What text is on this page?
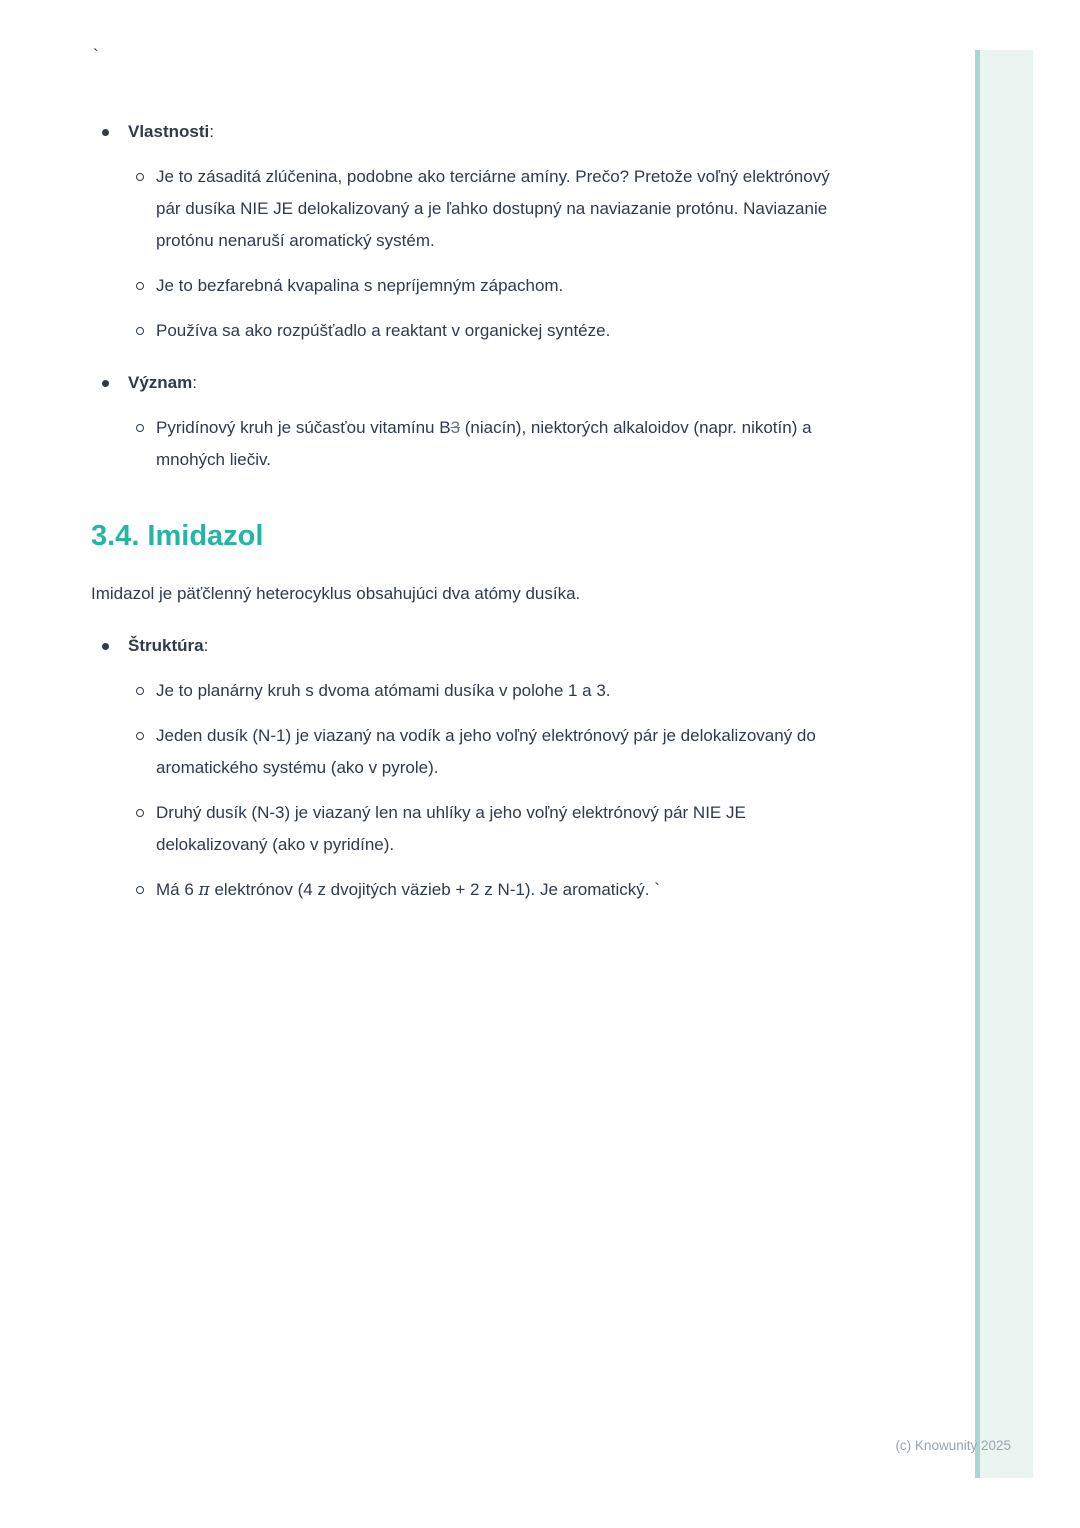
`

Vlastnosti:

Je to zásaditá zlúčenina, podobne ako terciárne amíny. Prečo? Pretože voľný elektrónový pár dusíka NIE JE delokalizovaný a je ľahko dostupný na naviazanie protónu. Naviazanie protónu nenaruší aromatický systém.

Je to bezfarebná kvapalina s nepríjemným zápachom.

Používa sa ako rozpúšťadlo a reaktant v organickej syntéze.

Význam:

Pyridínový kruh je súčasťou vitamínu B3 (niacín), niektorých alkaloidov (napr. nikotín) a mnohých liečiv.

3.4. Imidazol

Imidazol je päťčlenný heterocyklus obsahujúci dva atómy dusíka.

Štruktúra:

Je to planárny kruh s dvoma atómami dusíka v polohe 1 a 3.

Jeden dusík (N-1) je viazaný na vodík a jeho voľný elektrónový pár je delokalizovaný do aromatického systému (ako v pyrole).

Druhý dusík (N-3) je viazaný len na uhlíky a jeho voľný elektrónový pár NIE JE delokalizovaný (ako v pyridíne).

Má 6 π elektrónov (4 z dvojitých väzieb + 2 z N-1). Je aromatický. `

(c) Knowunity 2025
